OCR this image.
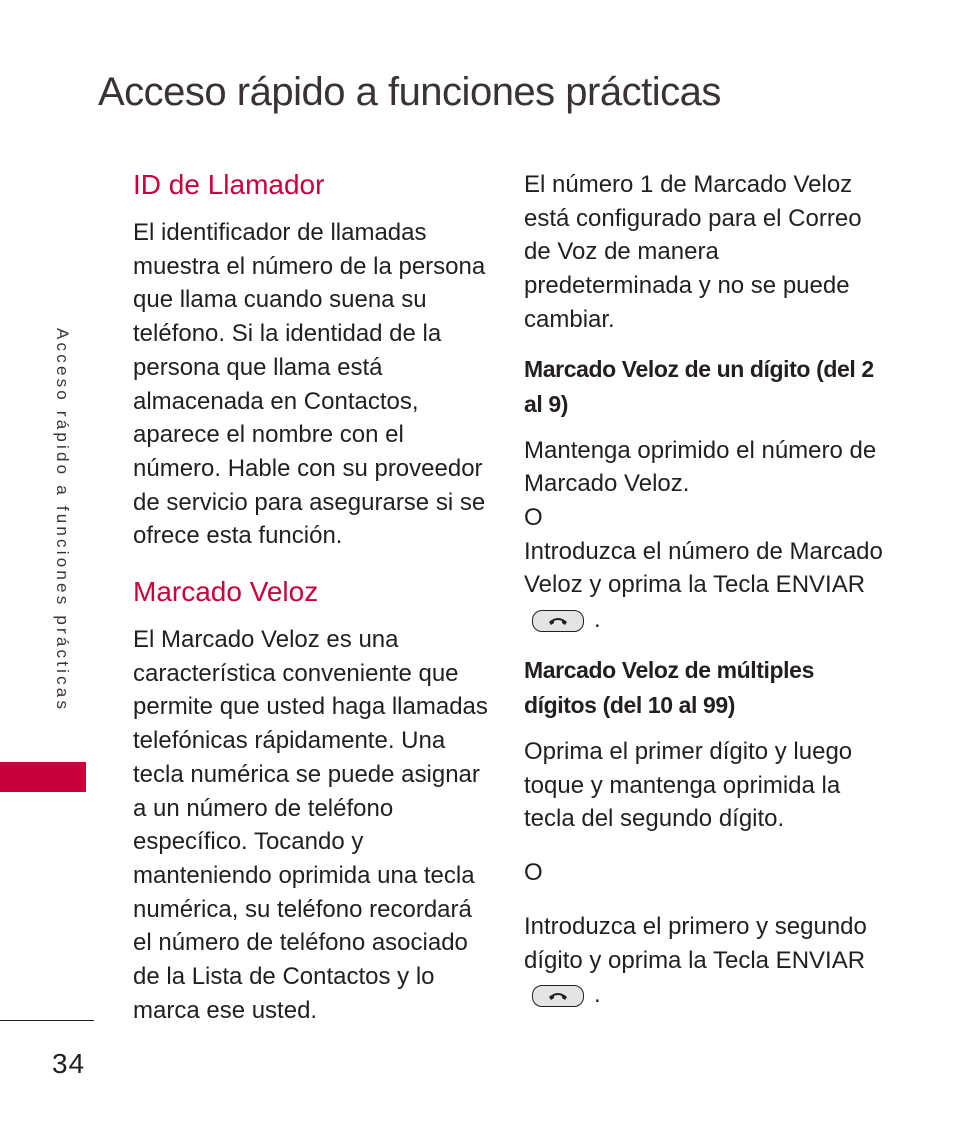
Acceso rápido a funciones prácticas
Acceso rápido a funciones prácticas
ID de Llamador

El identificador de llamadas muestra el número de la persona que llama cuando suena su teléfono. Si la identidad de la persona que llama está almacenada en Contactos, aparece el nombre con el número. Hable con su proveedor de servicio para asegurarse si se ofrece esta función.

Marcado Veloz

El Marcado Veloz es una característica conveniente que permite que usted haga llamadas telefónicas rápidamente. Una tecla numérica se puede asignar a un número de teléfono específico. Tocando y manteniendo oprimida una tecla numérica, su teléfono recordará el número de teléfono asociado de la Lista de Contactos y lo marca ese usted.

El número 1 de Marcado Veloz está configurado para el Correo de Voz de manera predeterminada y no se puede cambiar.

Marcado Veloz de un dígito (del 2 al 9)

Mantenga oprimido el número de Marcado Veloz.

O

Introduzca el número de Marcado Veloz y oprima la Tecla ENVIAR

.

Marcado Veloz de múltiples dígitos (del 10 al 99)

Oprima el primer dígito y luego toque y mantenga oprimida la tecla del segundo dígito.

O

Introduzca el primero y segundo dígito y oprima la Tecla ENVIAR

.

34
